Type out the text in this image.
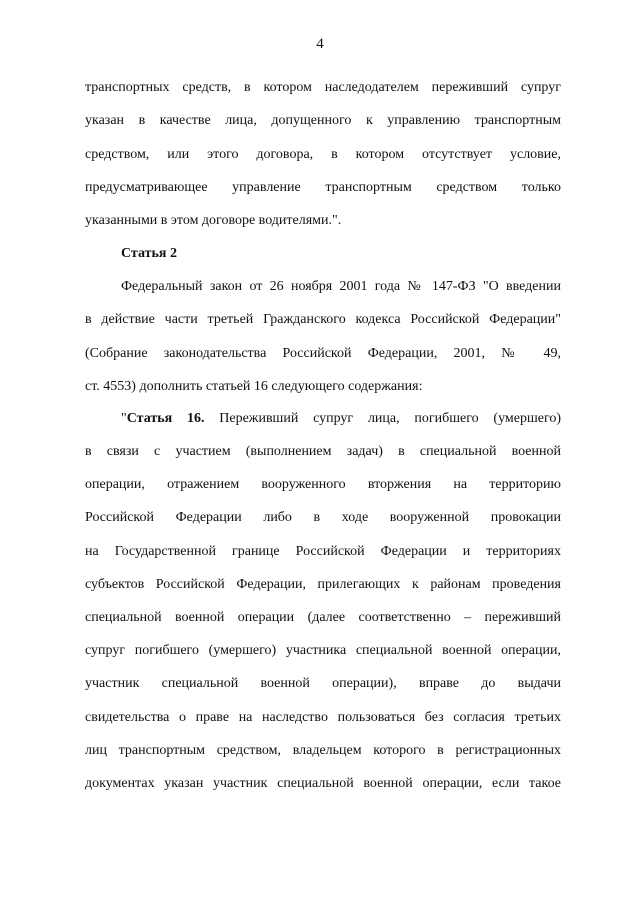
4
транспортных средств, в котором наследодателем переживший супруг
указан в качестве лица, допущенного к управлению транспортным
средством, или этого договора, в котором отсутствует условие,
предусматривающее управление транспортным средством только
указанными в этом договоре водителями.".
Статья 2
Федеральный закон от 26 ноября 2001 года № 147-ФЗ "О введении
в действие части третьей Гражданского кодекса Российской Федерации"
(Собрание законодательства Российской Федерации, 2001, № 49,
ст. 4553) дополнить статьей 16 следующего содержания:
"Статья 16. Переживший супруг лица, погибшего (умершего)
в связи с участием (выполнением задач) в специальной военной
операции, отражением вооруженного вторжения на территорию
Российской Федерации либо в ходе вооруженной провокации
на Государственной границе Российской Федерации и территориях
субъектов Российской Федерации, прилегающих к районам проведения
специальной военной операции (далее соответственно – переживший
супруг погибшего (умершего) участника специальной военной операции,
участник специальной военной операции), вправе до выдачи
свидетельства о праве на наследство пользоваться без согласия третьих
лиц транспортным средством, владельцем которого в регистрационных
документах указан участник специальной военной операции, если такое
